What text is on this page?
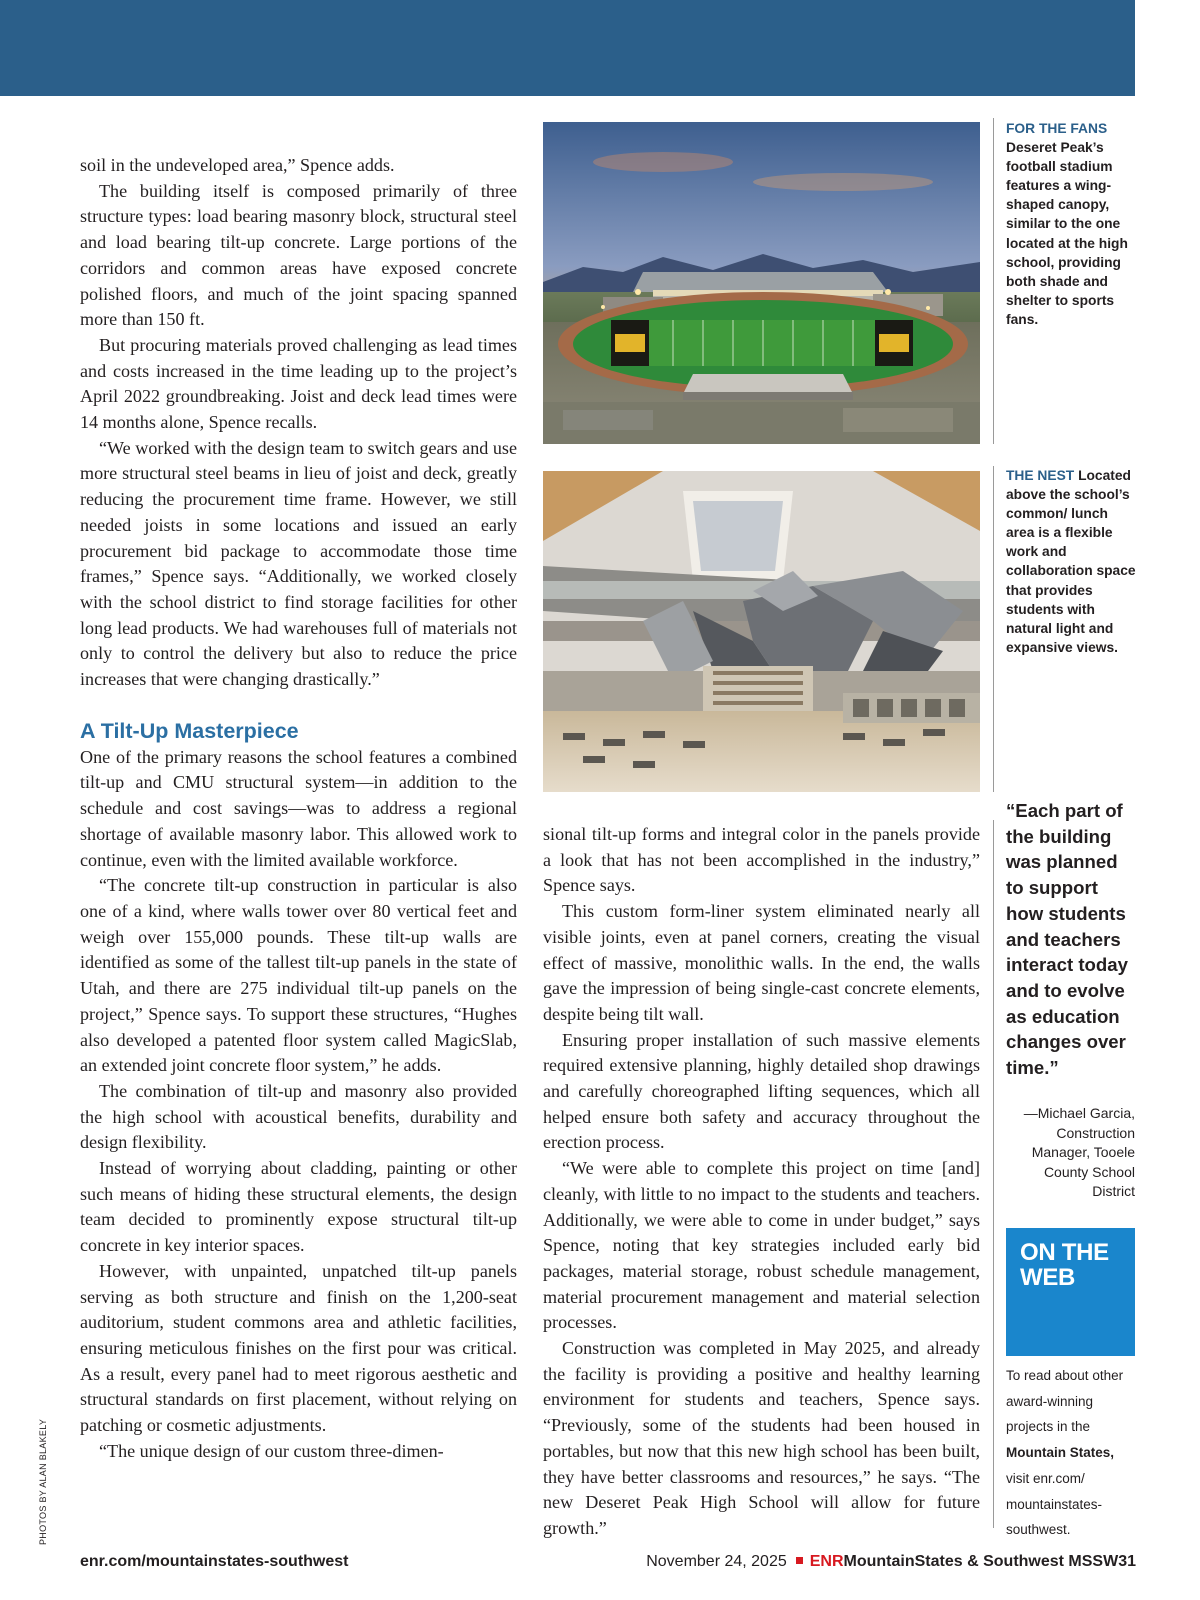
PHOTOS BY ALAN BLAKELY

soil in the undeveloped area,” Spence adds.

The building itself is composed primarily of three structure types: load bearing masonry block, structural steel and load bearing tilt-up concrete. Large portions of the corridors and common areas have exposed concrete polished floors, and much of the joint spacing spanned more than 150 ft.

But procuring materials proved challenging as lead times and costs increased in the time leading up to the project’s April 2022 groundbreaking. Joist and deck lead times were 14 months alone, Spence recalls.

“We worked with the design team to switch gears and use more structural steel beams in lieu of joist and deck, greatly reducing the procurement time frame. However, we still needed joists in some locations and issued an early procurement bid package to accommodate those time frames,” Spence says. “Additionally, we worked closely with the school district to find storage facilities for other long lead products. We had warehouses full of materials not only to control the delivery but also to reduce the price increases that were changing drastically.”

A Tilt-Up Masterpiece

One of the primary reasons the school features a combined tilt-up and CMU structural system—in addition to the schedule and cost savings—was to address a regional shortage of available masonry labor. This allowed work to continue, even with the limited available workforce.

“The concrete tilt-up construction in particular is also one of a kind, where walls tower over 80 vertical feet and weigh over 155,000 pounds. These tilt-up walls are identified as some of the tallest tilt-up panels in the state of Utah, and there are 275 individual tilt-up panels on the project,” Spence says. To support these structures, “Hughes also developed a patented floor system called MagicSlab, an extended joint concrete floor system,” he adds.

The combination of tilt-up and masonry also provided the high school with acoustical benefits, durability and design flexibility.

Instead of worrying about cladding, painting or other such means of hiding these structural elements, the design team decided to prominently expose structural tilt-up concrete in key interior spaces.

However, with unpainted, unpatched tilt-up panels serving as both structure and finish on the 1,200-seat auditorium, student commons area and athletic facilities, ensuring meticulous finishes on the first pour was critical. As a result, every panel had to meet rigorous aesthetic and structural standards on first placement, without relying on patching or cosmetic adjustments.

“The unique design of our custom three-dimen-

FOR THE FANS
Deseret Peak’s football stadium features a wing-shaped canopy, similar to the one located at the high school, providing both shade and shelter to sports fans.
THE NEST Located above the school’s common/ lunch area is a flexible work and collaboration space that provides students with natural light and expansive views.

sional tilt-up forms and integral color in the panels provide a look that has not been accomplished in the industry,” Spence says.

This custom form-liner system eliminated nearly all visible joints, even at panel corners, creating the visual effect of massive, monolithic walls. In the end, the walls gave the impression of being single-cast concrete elements, despite being tilt wall.

Ensuring proper installation of such massive elements required extensive planning, highly detailed shop drawings and carefully choreographed lifting sequences, which all helped ensure both safety and accuracy throughout the erection process.

“We were able to complete this project on time [and] cleanly, with little to no impact to the students and teachers. Additionally, we were able to come in under budget,” says Spence, noting that key strategies included early bid packages, material storage, robust schedule management, material procurement management and material selection processes.

Construction was completed in May 2025, and already the facility is providing a positive and healthy learning environment for students and teachers, Spence says. “Previously, some of the students had been housed in portables, but now that this new high school has been built, they have better classrooms and resources,” he says. “The new Deseret Peak High School will allow for future growth.”

“Each part of the building was planned to support how students and teachers interact today and to evolve as education changes over time.”
—Michael Garcia, Construction Manager, Tooele County School District
ON THE
WEB
To read about other award-winning projects in the Mountain States, visit enr.com/ mountainstates-southwest.
enr.com/mountainstates-southwest	November 24, 2025 ENRMountainStates & Southwest MSSW31
